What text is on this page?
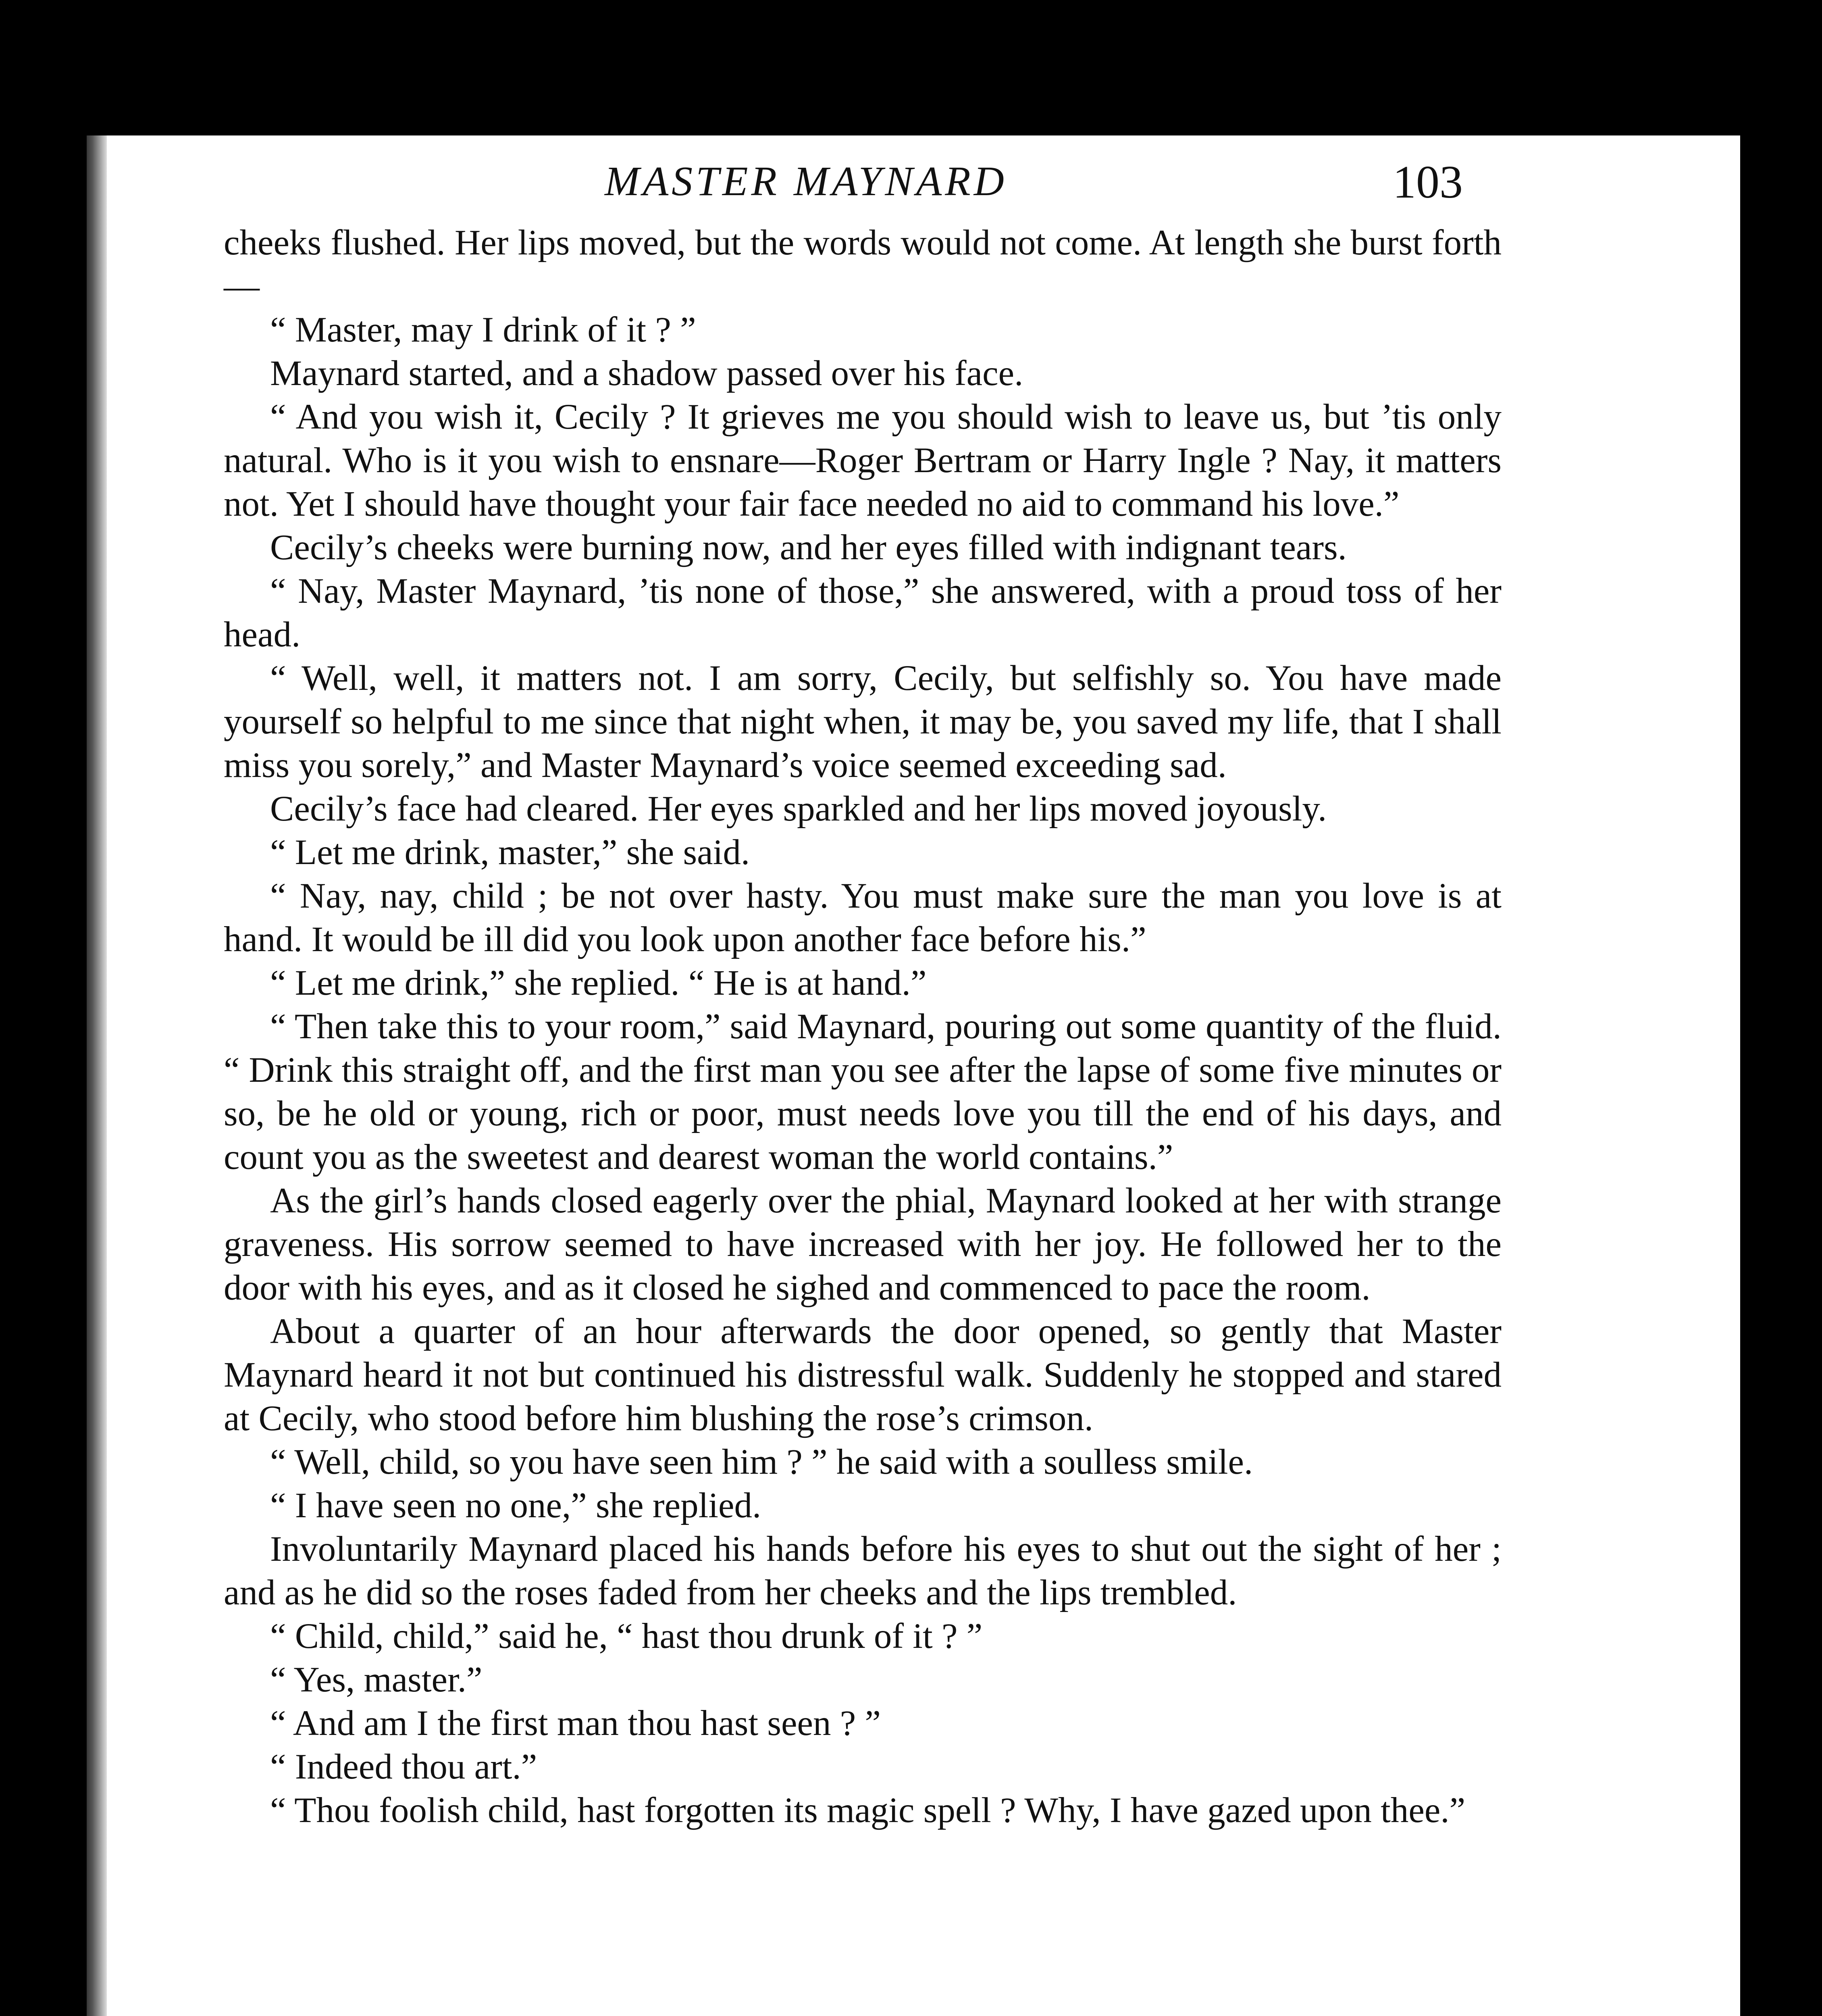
MASTER MAYNARD	103

cheeks flushed. Her lips moved, but the words would not come. At length she burst forth—

“ Master, may I drink of it ? ”

Maynard started, and a shadow passed over his face.

“ And you wish it, Cecily ? It grieves me you should wish to leave us, but ’tis only natural. Who is it you wish to ensnare—Roger Bertram or Harry Ingle ? Nay, it matters not. Yet I should have thought your fair face needed no aid to command his love.”

Cecily’s cheeks were burning now, and her eyes filled with indignant tears.

“ Nay, Master Maynard, ’tis none of those,” she answered, with a proud toss of her head.

“ Well, well, it matters not. I am sorry, Cecily, but selfishly so. You have made yourself so helpful to me since that night when, it may be, you saved my life, that I shall miss you sorely,” and Master Maynard’s voice seemed exceeding sad.

Cecily’s face had cleared. Her eyes sparkled and her lips moved joyously.

“ Let me drink, master,” she said.

“ Nay, nay, child ; be not over hasty. You must make sure the man you love is at hand. It would be ill did you look upon another face before his.”

“ Let me drink,” she replied. “ He is at hand.”

“ Then take this to your room,” said Maynard, pouring out some quantity of the fluid. “ Drink this straight off, and the first man you see after the lapse of some five minutes or so, be he old or young, rich or poor, must needs love you till the end of his days, and count you as the sweetest and dearest woman the world contains.”

As the girl’s hands closed eagerly over the phial, Maynard looked at her with strange graveness. His sorrow seemed to have increased with her joy. He followed her to the door with his eyes, and as it closed he sighed and commenced to pace the room.

About a quarter of an hour afterwards the door opened, so gently that Master Maynard heard it not but continued his distressful walk. Suddenly he stopped and stared at Cecily, who stood before him blushing the rose’s crimson.

“ Well, child, so you have seen him ? ” he said with a soulless smile.

“ I have seen no one,” she replied.

Involuntarily Maynard placed his hands before his eyes to shut out the sight of her ; and as he did so the roses faded from her cheeks and the lips trembled.

“ Child, child,” said he, “ hast thou drunk of it ? ”

“ Yes, master.”

“ And am I the first man thou hast seen ? ”

“ Indeed thou art.”

“ Thou foolish child, hast forgotten its magic spell ? Why, I have gazed upon thee.”
